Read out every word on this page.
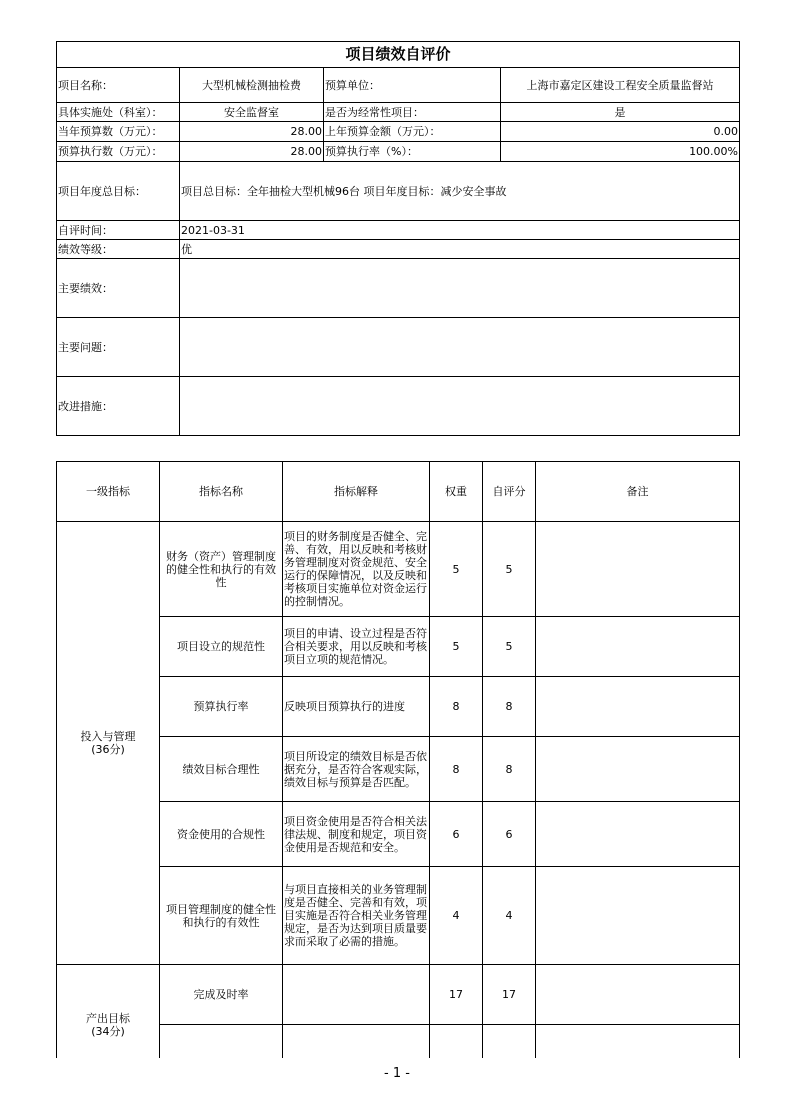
项目绩效自评价			
项目名称：	大型机械检测抽检费	预算单位：	上海市嘉定区建设工程安全质量监督站
具体实施处（科室）：	安全监督室	是否为经常性项目：	是
当年预算数（万元）：	28.00	上年预算金额（万元）：	0.00
预算执行数（万元）：	28.00	预算执行率（%）：	100.00%
项目年度总目标：	项目总目标：全年抽检大型机械96台 项目年度目标：减少安全事故		
自评时间：	2021-03-31		
绩效等级：	优		
主要绩效：			
主要问题：			
改进措施：			
一级指标	指标名称	指标解释	权重	自评分	备注

投入与管理
(36分)	财务（资产）管理制度的健全性和执行的有效性	项目的财务制度是否健全、完善、有效，用以反映和考核财务管理制度对资金规范、安全运行的保障情况，以及反映和考核项目实施单位对资金运行的控制情况。	5	5	
	项目设立的规范性	项目的申请、设立过程是否符合相关要求，用以反映和考核项目立项的规范情况。	5	5	
	预算执行率	反映项目预算执行的进度	8	8	
	绩效目标合理性	项目所设定的绩效目标是否依据充分，是否符合客观实际，绩效目标与预算是否匹配。	8	8	
	资金使用的合规性	项目资金使用是否符合相关法律法规、制度和规定，项目资金使用是否规范和安全。	6	6	
	项目管理制度的健全性和执行的有效性	与项目直接相关的业务管理制度是否健全、完善和有效，项目实施是否符合相关业务管理规定，是否为达到项目质量要求而采取了必需的措施。	4	4	

产出目标
(34分)	完成及时率		17	17	

- 1 -
